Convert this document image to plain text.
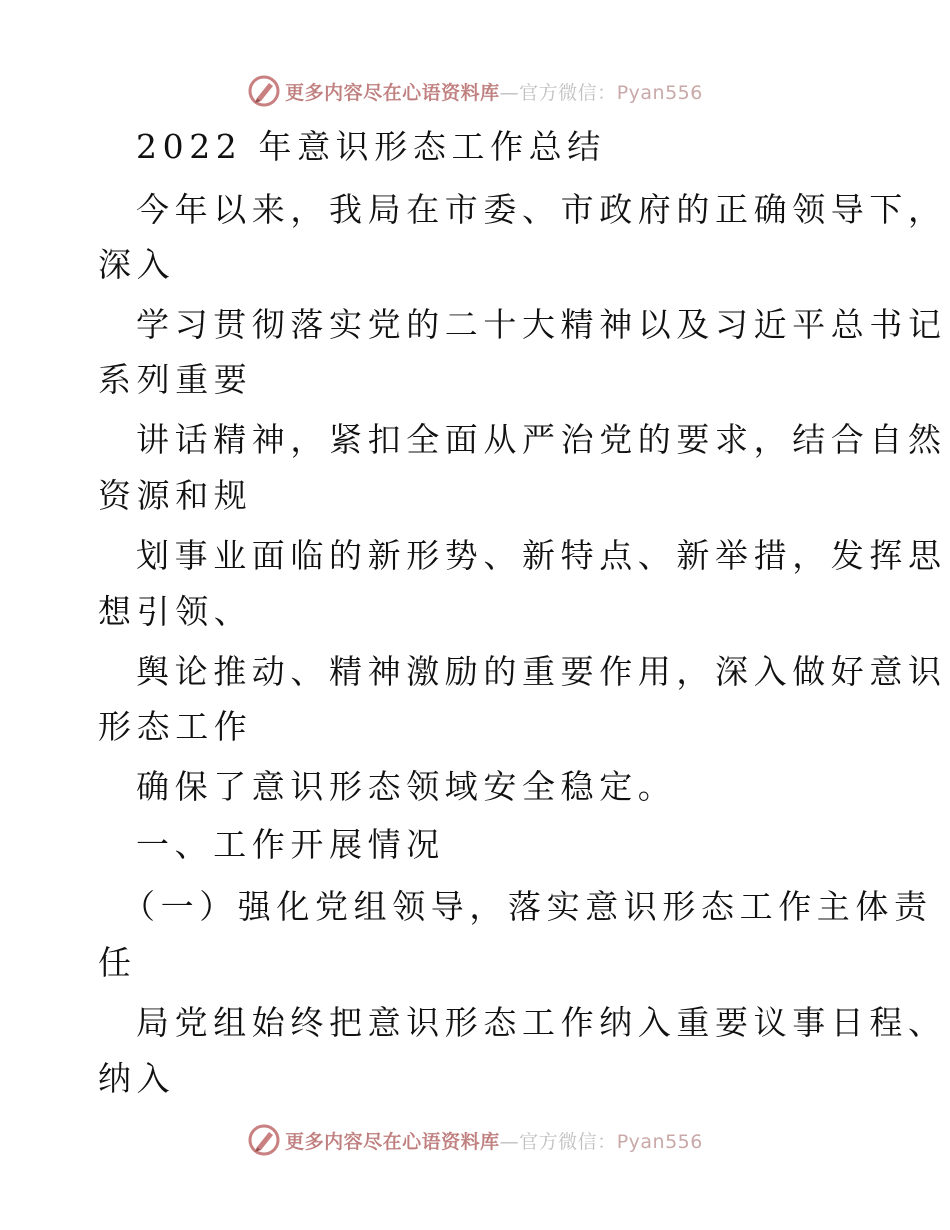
更多内容尽在心语资料库—官方微信：Pyan556
2022 年意识形态工作总结
今年以来，我局在市委、市政府的正确领导下，
深入
学习贯彻落实党的二十大精神以及习近平总书记
系列重要
讲话精神，紧扣全面从严治党的要求，结合自然
资源和规
划事业面临的新形势、新特点、新举措，发挥思
想引领、
舆论推动、精神激励的重要作用，深入做好意识
形态工作
确保了意识形态领域安全稳定。
一、工作开展情况
（一）强化党组领导，落实意识形态工作主体责
任
局党组始终把意识形态工作纳入重要议事日程、
纳入
更多内容尽在心语资料库—官方微信：Pyan556
